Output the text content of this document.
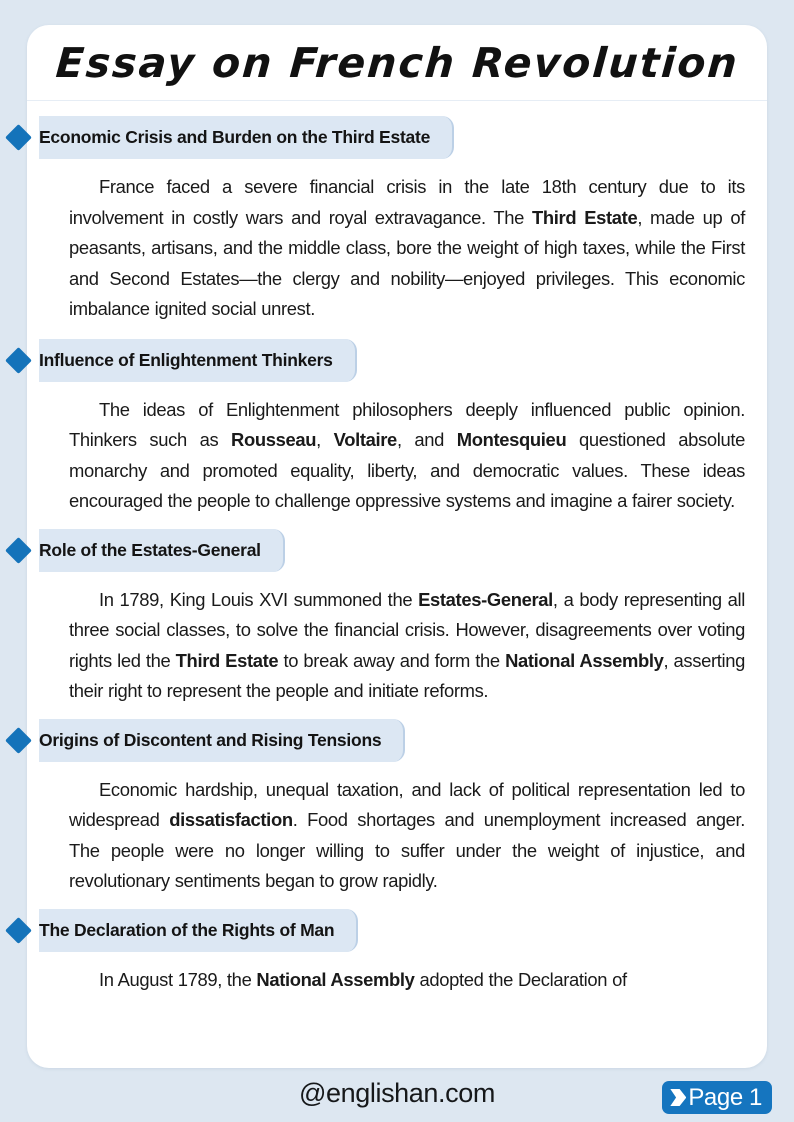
Essay on French Revolution
Economic Crisis and Burden on the Third Estate

France faced a severe financial crisis in the late 18th century due to its involvement in costly wars and royal extravagance. The Third Estate, made up of peasants, artisans, and the middle class, bore the weight of high taxes, while the First and Second Estates—the clergy and nobility—enjoyed privileges. This economic imbalance ignited social unrest.

Influence of Enlightenment Thinkers

The ideas of Enlightenment philosophers deeply influenced public opinion. Thinkers such as Rousseau, Voltaire, and Montesquieu questioned absolute monarchy and promoted equality, liberty, and democratic values. These ideas encouraged the people to challenge oppressive systems and imagine a fairer society.

Role of the Estates-General

In 1789, King Louis XVI summoned the Estates-General, a body representing all three social classes, to solve the financial crisis. However, disagreements over voting rights led the Third Estate to break away and form the National Assembly, asserting their right to represent the people and initiate reforms.

Origins of Discontent and Rising Tensions

Economic hardship, unequal taxation, and lack of political representation led to widespread dissatisfaction. Food shortages and unemployment increased anger. The people were no longer willing to suffer under the weight of injustice, and revolutionary sentiments began to grow rapidly.

The Declaration of the Rights of Man

In August 1789, the National Assembly adopted the Declaration of

@englishan.com	Page 1
